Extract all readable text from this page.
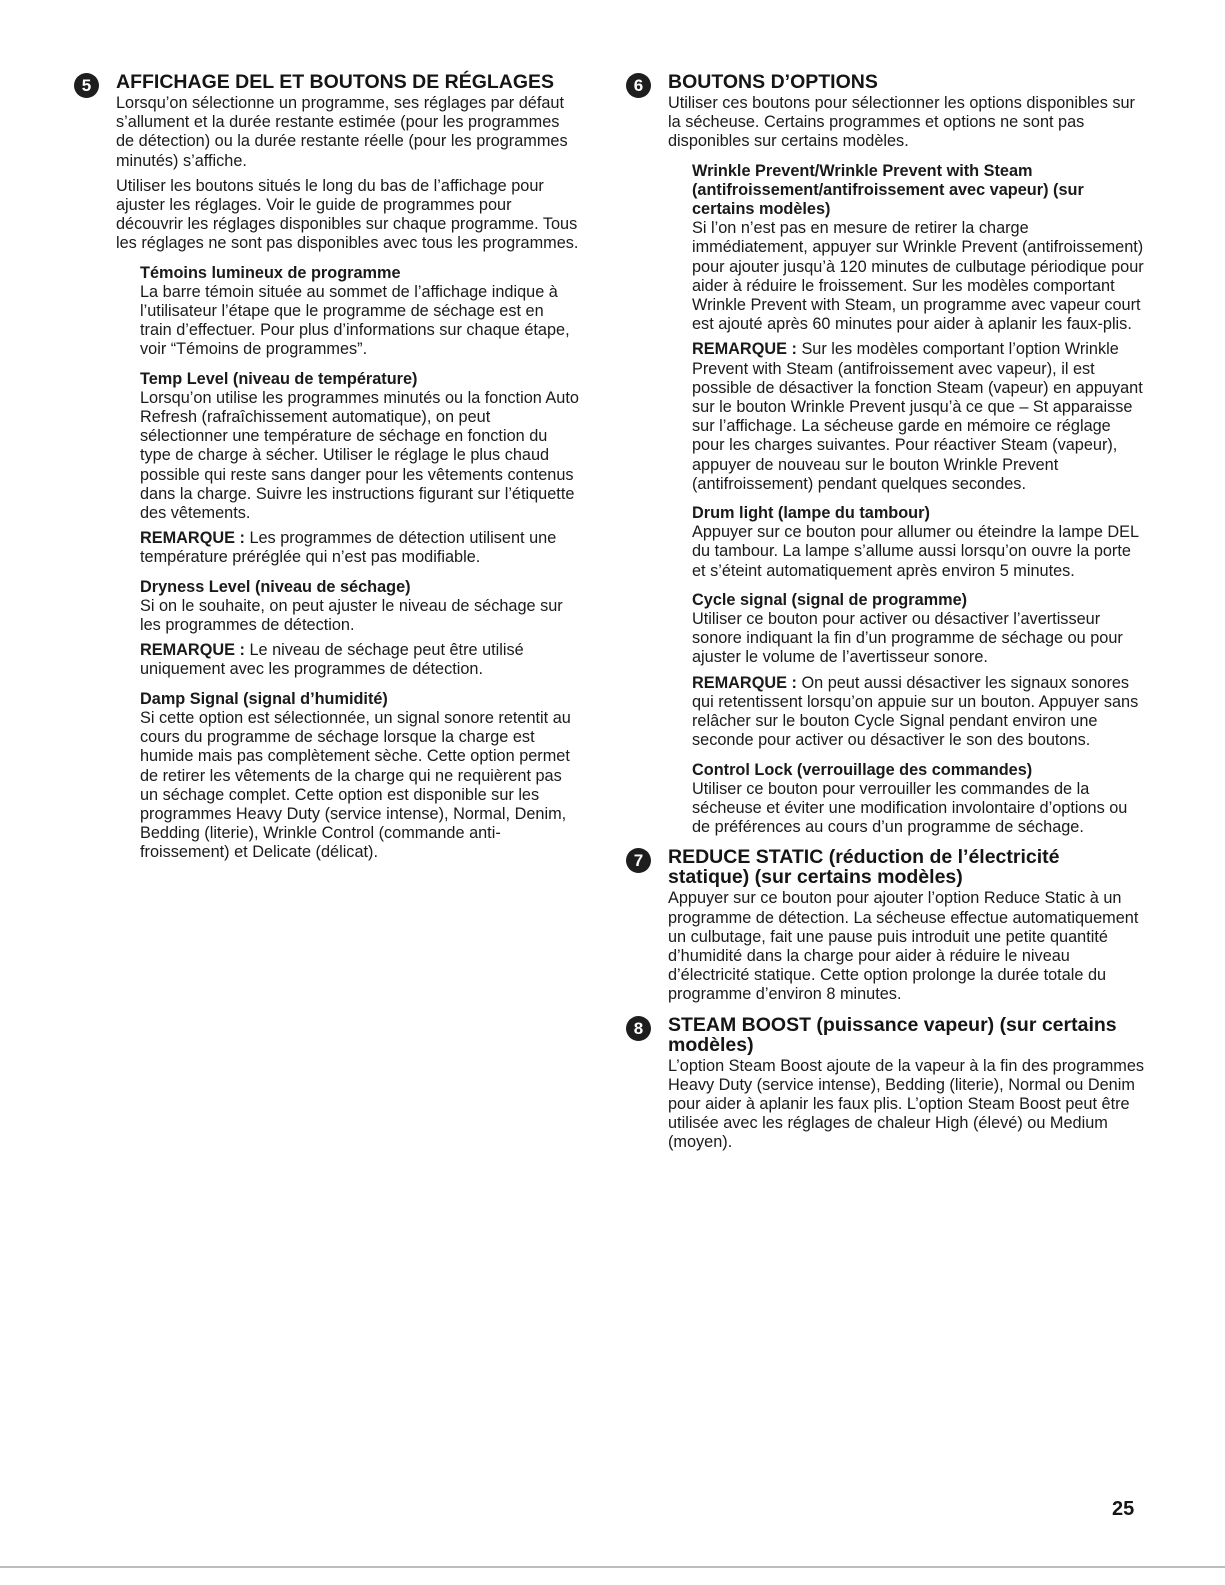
5	AFFICHAGE DEL ET BOUTONS DE RÉGLAGES

Lorsqu’on sélectionne un programme, ses réglages par défaut s’allument et la durée restante estimée (pour les programmes de détection) ou la durée restante réelle (pour les programmes minutés) s’affiche.

Utiliser les boutons situés le long du bas de l’affichage pour ajuster les réglages. Voir le guide de programmes pour découvrir les réglages disponibles sur chaque programme. Tous les réglages ne sont pas disponibles avec tous les programmes.

Témoins lumineux de programme

La barre témoin située au sommet de l’affichage indique à l’utilisateur l’étape que le programme de séchage est en train d’effectuer. Pour plus d’informations sur chaque étape, voir “Témoins de programmes”.

Temp Level (niveau de température)

Lorsqu’on utilise les programmes minutés ou la fonction Auto Refresh (rafraîchissement automatique), on peut sélectionner une température de séchage en fonction du type de charge à sécher. Utiliser le réglage le plus chaud possible qui reste sans danger pour les vêtements contenus dans la charge. Suivre les instructions figurant sur l’étiquette des vêtements.

REMARQUE : Les programmes de détection utilisent une température préréglée qui n’est pas modifiable.

Dryness Level (niveau de séchage)

Si on le souhaite, on peut ajuster le niveau de séchage sur les programmes de détection.

REMARQUE : Le niveau de séchage peut être utilisé uniquement avec les programmes de détection.

Damp Signal (signal d’humidité)

Si cette option est sélectionnée, un signal sonore retentit au cours du programme de séchage lorsque la charge est humide mais pas complètement sèche. Cette option permet de retirer les vêtements de la charge qui ne requièrent pas un séchage complet. Cette option est disponible sur les programmes Heavy Duty (service intense), Normal, Denim, Bedding (literie), Wrinkle Control (commande anti-froissement) et Delicate (délicat).

6	BOUTONS D’OPTIONS

Utiliser ces boutons pour sélectionner les options disponibles sur la sécheuse. Certains programmes et options ne sont pas disponibles sur certains modèles.

Wrinkle Prevent/Wrinkle Prevent with Steam (antifroissement/antifroissement avec vapeur) (sur certains modèles)

Si l’on n’est pas en mesure de retirer la charge immédiatement, appuyer sur Wrinkle Prevent (antifroissement) pour ajouter jusqu’à 120 minutes de culbutage périodique pour aider à réduire le froissement. Sur les modèles comportant Wrinkle Prevent with Steam, un programme avec vapeur court est ajouté après 60 minutes pour aider à aplanir les faux-plis.

REMARQUE : Sur les modèles comportant l’option Wrinkle Prevent with Steam (antifroissement avec vapeur), il est possible de désactiver la fonction Steam (vapeur) en appuyant sur le bouton Wrinkle Prevent jusqu’à ce que – St apparaisse sur l’affichage. La sécheuse garde en mémoire ce réglage pour les charges suivantes. Pour réactiver Steam (vapeur), appuyer de nouveau sur le bouton Wrinkle Prevent (antifroissement) pendant quelques secondes.

Drum light (lampe du tambour)

Appuyer sur ce bouton pour allumer ou éteindre la lampe DEL du tambour. La lampe s’allume aussi lorsqu’on ouvre la porte et s’éteint automatiquement après environ 5 minutes.

Cycle signal (signal de programme)

Utiliser ce bouton pour activer ou désactiver l’avertisseur sonore indiquant la fin d’un programme de séchage ou pour ajuster le volume de l’avertisseur sonore.

REMARQUE : On peut aussi désactiver les signaux sonores qui retentissent lorsqu’on appuie sur un bouton. Appuyer sans relâcher sur le bouton Cycle Signal pendant environ une seconde pour activer ou désactiver le son des boutons.

Control Lock (verrouillage des commandes)

Utiliser ce bouton pour verrouiller les commandes de la sécheuse et éviter une modification involontaire d’options ou de préférences au cours d’un programme de séchage.

7	REDUCE STATIC (réduction de l’électricité statique) (sur certains modèles)

Appuyer sur ce bouton pour ajouter l’option Reduce Static à un programme de détection. La sécheuse effectue automatiquement un culbutage, fait une pause puis introduit une petite quantité d’humidité dans la charge pour aider à réduire le niveau d’électricité statique. Cette option prolonge la durée totale du programme d’environ 8 minutes.

8	STEAM BOOST (puissance vapeur) (sur certains modèles)

L’option Steam Boost ajoute de la vapeur à la fin des programmes Heavy Duty (service intense), Bedding (literie), Normal ou Denim pour aider à aplanir les faux plis. L’option Steam Boost peut être utilisée avec les réglages de chaleur High (élevé) ou Medium (moyen).

25
